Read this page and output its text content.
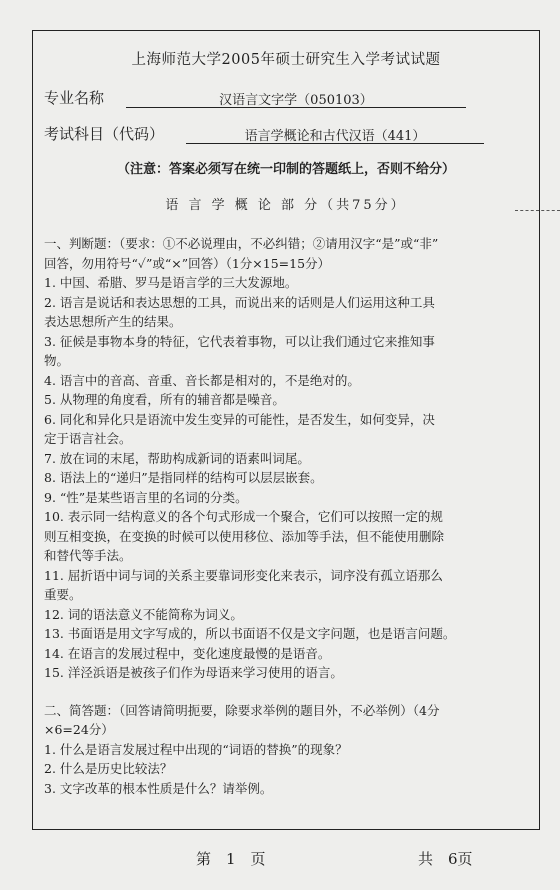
上海师范大学2005年硕士研究生入学考试试题
专业名称	汉语言文字学（050103）
考试科目（代码）	语言学概论和古代汉语（441）
（注意：答案必须写在统一印制的答题纸上，否则不给分）
语 言 学 概 论 部 分（共75分）

一、判断题：（要求：①不必说理由，不必纠错；②请用汉字“是”或“非”

回答，勿用符号“✓”或“×”回答）（1分×15=15分）

1. 中国、希腊、罗马是语言学的三大发源地。

2. 语言是说话和表达思想的工具，而说出来的话则是人们运用这种工具

表达思想所产生的结果。

3. 征候是事物本身的特征，它代表着事物，可以让我们通过它来推知事

物。

4. 语言中的音高、音重、音长都是相对的，不是绝对的。

5. 从物理的角度看，所有的辅音都是噪音。

6. 同化和异化只是语流中发生变异的可能性，是否发生，如何变异，决

定于语言社会。

7. 放在词的末尾，帮助构成新词的语素叫词尾。

8. 语法上的“递归”是指同样的结构可以层层嵌套。

9. “性”是某些语言里的名词的分类。

10. 表示同一结构意义的各个句式形成一个聚合，它们可以按照一定的规

则互相变换，在变换的时候可以使用移位、添加等手法，但不能使用删除

和替代等手法。

11. 屈折语中词与词的关系主要靠词形变化来表示，词序没有孤立语那么

重要。

12. 词的语法意义不能简称为词义。

13. 书面语是用文字写成的，所以书面语不仅是文字问题，也是语言问题。

14. 在语言的发展过程中，变化速度最慢的是语音。

15. 洋泾浜语是被孩子们作为母语来学习使用的语言。

二、简答题：（回答请简明扼要，除要求举例的题目外，不必举例）（4分

×6=24分）

1. 什么是语言发展过程中出现的“词语的替换”的现象？

2. 什么是历史比较法？

3. 文字改革的根本性质是什么？请举例。

第　1　页	共　6页
